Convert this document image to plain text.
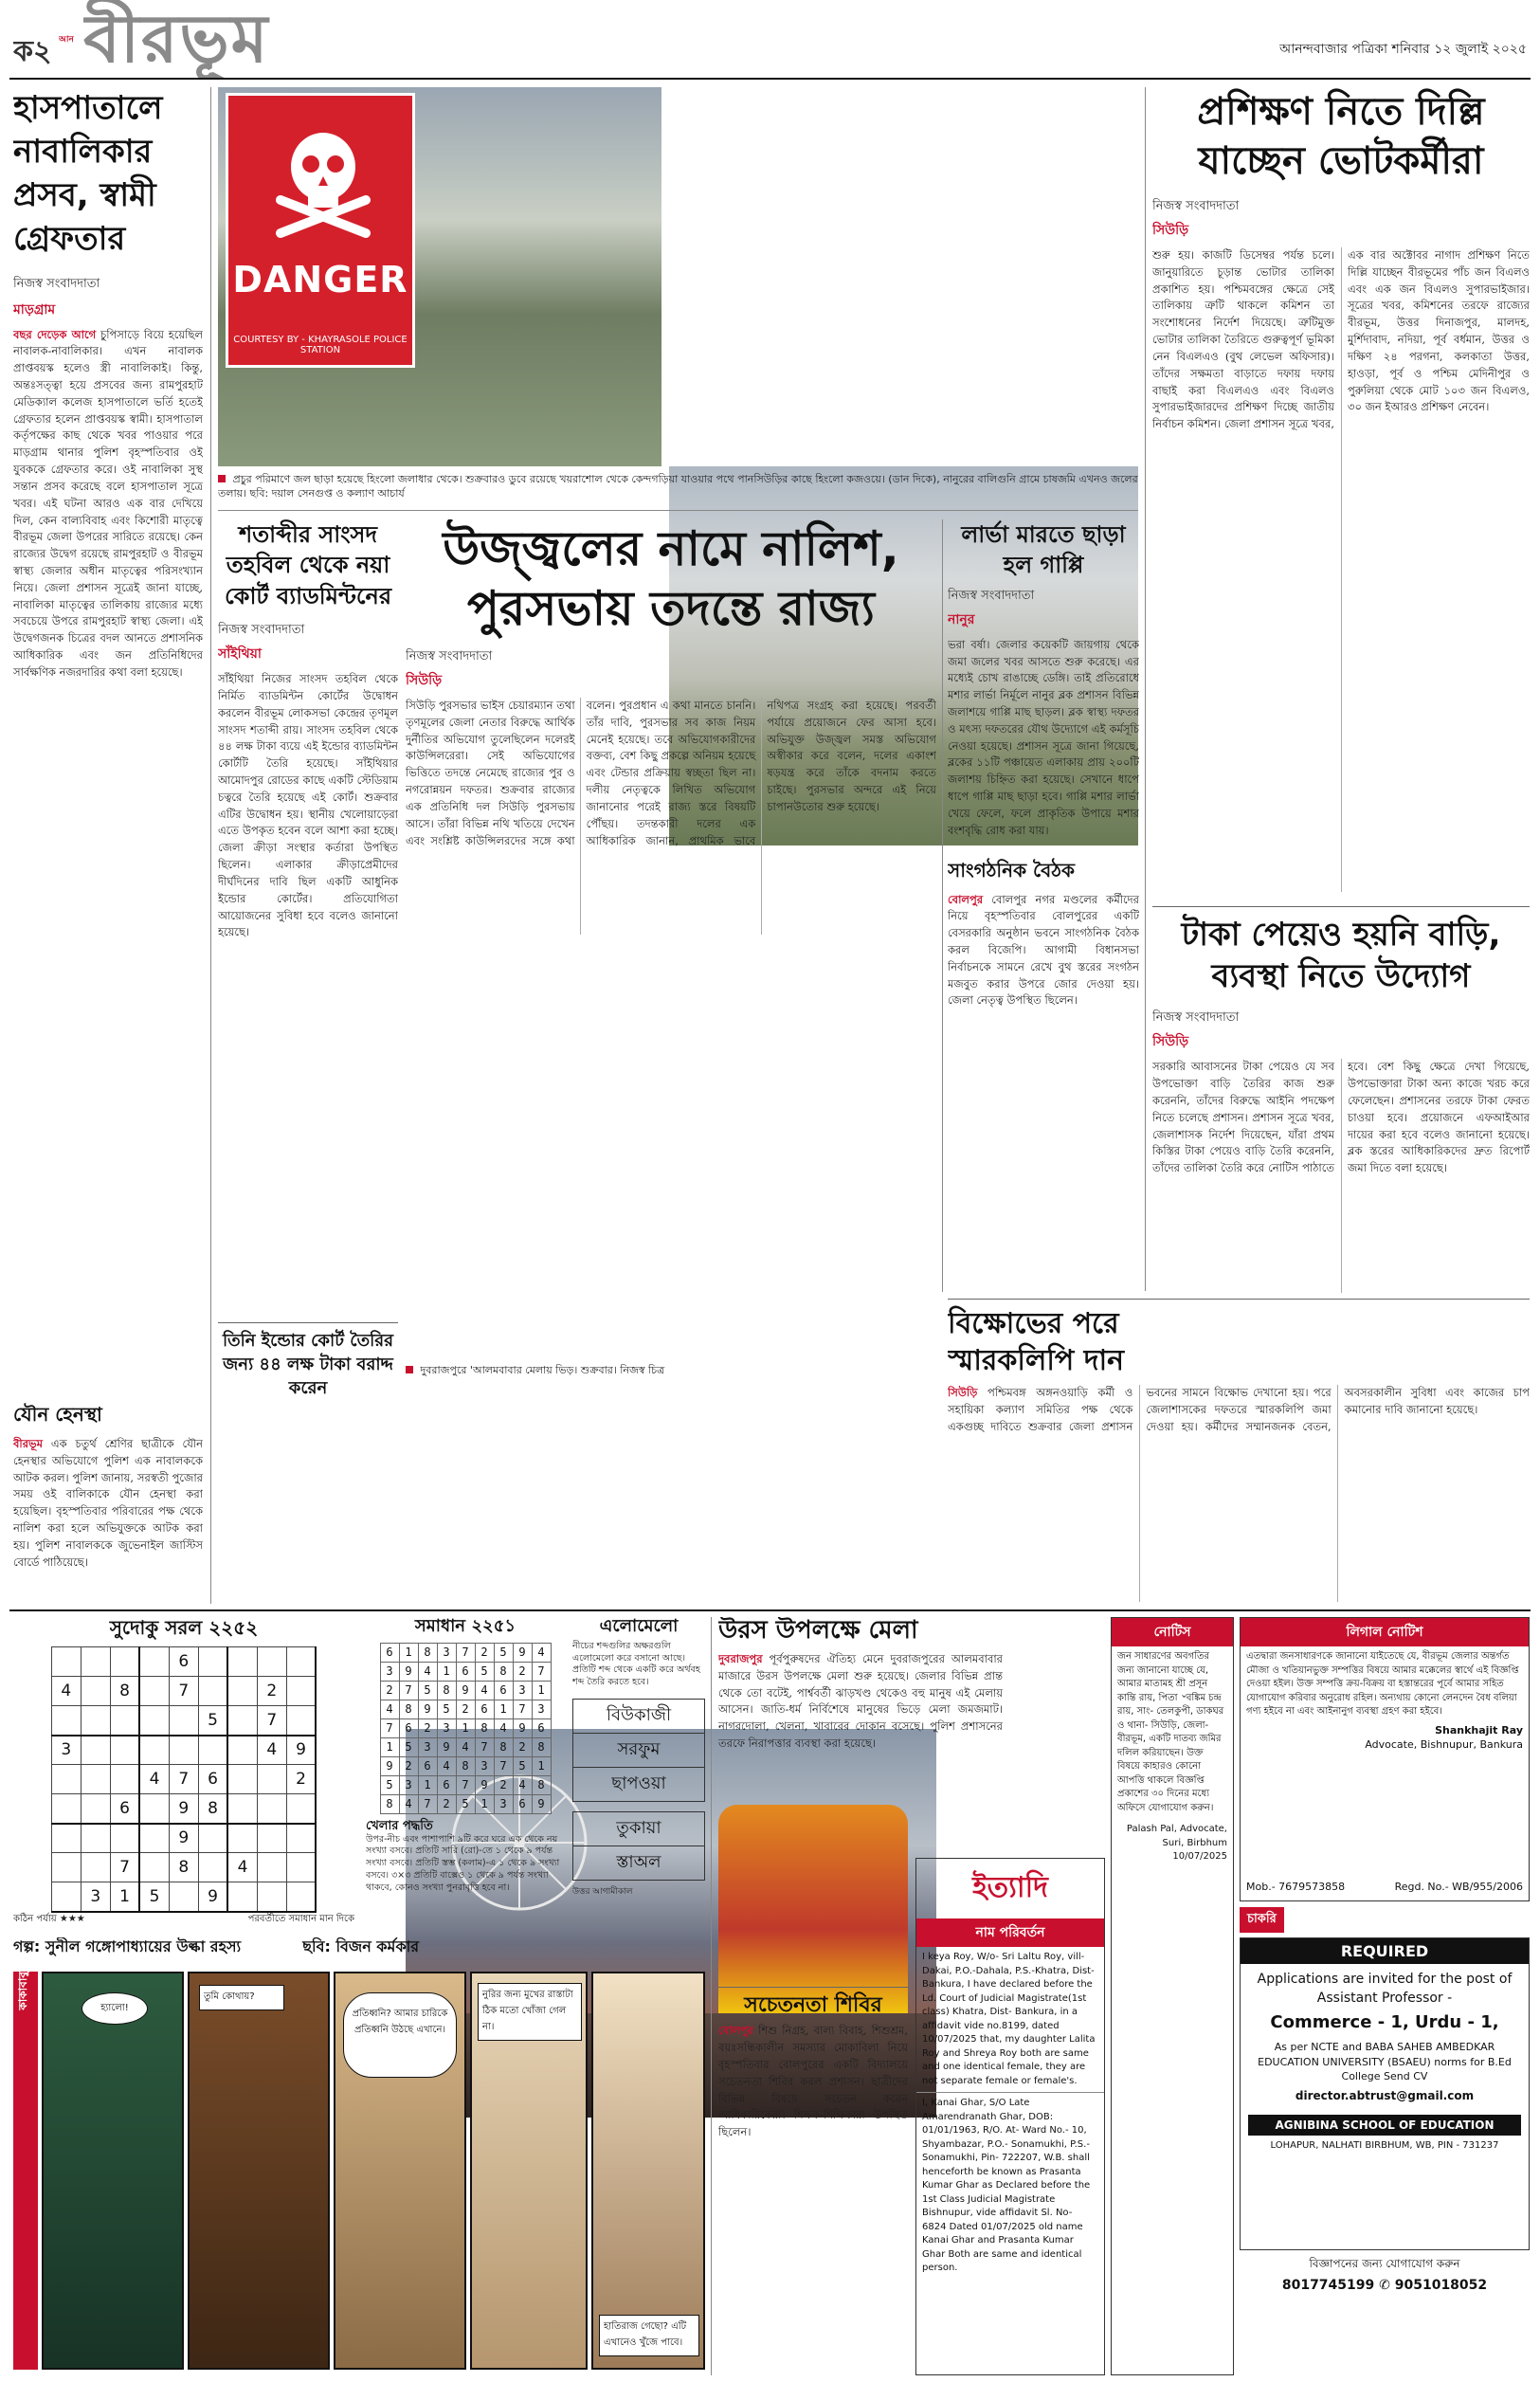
ক২ আন বীরভূম	আনন্দবাজার পত্রিকা শনিবার ১২ জুলাই ২০২৫
হাসপাতালে নাবালিকার প্রসব, স্বামী গ্রেফতার
নিজস্ব সংবাদদাতা
মাড়গ্রাম
বছর দেড়েক আগে চুপিসাড়ে বিয়ে হয়েছিল নাবালক-নাবালিকার। এখন নাবালক প্রাপ্তবয়স্ক হলেও স্ত্রী নাবালিকাই। কিন্তু, অন্তঃসত্ত্বা হয়ে প্রসবের জন্য রামপুরহাট মেডিক্যাল কলেজ হাসপাতালে ভর্তি হতেই গ্রেফতার হলেন প্রাপ্তবয়স্ক স্বামী। হাসপাতাল কর্তৃপক্ষের কাছ থেকে খবর পাওয়ার পরে মাড়গ্রাম থানার পুলিশ বৃহস্পতিবার ওই যুবককে গ্রেফতার করে। ওই নাবালিকা সুস্থ সন্তান প্রসব করেছে বলে হাসপাতাল সূত্রে খবর। এই ঘটনা আরও এক বার দেখিয়ে দিল, কেন বাল্যবিবাহ এবং কিশোরী মাতৃত্বে বীরভূম জেলা উপরের সারিতে রয়েছে। কেন রাজ্যের উদ্বেগ রয়েছে রামপুরহাট ও বীরভূম স্বাস্থ্য জেলার অধীন মাতৃত্বের পরিসংখ্যান নিয়ে। জেলা প্রশাসন সূত্রেই জানা যাচ্ছে, নাবালিকা মাতৃত্বের তালিকায় রাজ্যের মধ্যে সবচেয়ে উপরে রামপুরহাট স্বাস্থ্য জেলা। এই উদ্বেগজনক চিত্রের বদল আনতে প্রশাসনিক আধিকারিক এবং জন প্রতিনিধিদের সার্বক্ষণিক নজরদারির কথা বলা হয়েছে।
যৌন হেনস্থা
বীরভূম এক চতুর্থ শ্রেণির ছাত্রীকে যৌন হেনস্থার অভিযোগে পুলিশ এক নাবালককে আটক করল। পুলিশ জানায়, সরস্বতী পুজোর সময় ওই বালিকাকে যৌন হেনস্থা করা হয়েছিল। বৃহস্পতিবার পরিবারের পক্ষ থেকে নালিশ করা হলে অভিযুক্তকে আটক করা হয়। পুলিশ নাবালককে জুভেনাইল জাস্টিস বোর্ডে পাঠিয়েছে।
DANGER
COURTESY BY - KHAYRASOLE POLICE STATION
প্রচুর পরিমাণে জল ছাড়া হয়েছে হিংলো জলাধার থেকে। শুক্রবারও ডুবে রয়েছে খয়রাশোল থেকে কেন্দগড়িয়া যাওয়ার পথে পানসিউড়ির কাছে হিংলো কজওয়ে। (ডান দিকে), নানুরের বালিগুনি গ্রামে চাষজমি এখনও জলের তলায়। ছবি: দয়াল সেনগুপ্ত ও কল্যাণ আচার্য
প্রশিক্ষণ নিতে দিল্লি যাচ্ছেন ভোটকর্মীরা
নিজস্ব সংবাদদাতা
সিউড়ি
শুরু হয়। কাজটি ডিসেম্বর পর্যন্ত চলে। জানুয়ারিতে চূড়ান্ত ভোটার তালিকা প্রকাশিত হয়। পশ্চিমবঙ্গের ক্ষেত্রে সেই তালিকায় ত্রুটি থাকলে কমিশন তা সংশোধনের নির্দেশ দিয়েছে। ত্রুটিমুক্ত ভোটার তালিকা তৈরিতে গুরুত্বপূর্ণ ভূমিকা নেন বিএলএও (বুথ লেভেল অফিসার)। তাঁদের সক্ষমতা বাড়াতে দফায় দফায় বাছাই করা বিএলএও এবং বিএলও সুপারভাইজারদের প্রশিক্ষণ দিচ্ছে জাতীয় নির্বাচন কমিশন। জেলা প্রশাসন সূত্রে খবর, এক বার অক্টোবর নাগাদ প্রশিক্ষণ নিতে দিল্লি যাচ্ছেন বীরভূমের পাঁচ জন বিএলও এবং এক জন বিএলও সুপারভাইজার। সূত্রের খবর, কমিশনের তরফে রাজ্যের বীরভূম, উত্তর দিনাজপুর, মালদহ, মুর্শিদাবাদ, নদিয়া, পূর্ব বর্ধমান, উত্তর ও দক্ষিণ ২৪ পরগনা, কলকাতা উত্তর, হাওড়া, পূর্ব ও পশ্চিম মেদিনীপুর ও পুরুলিয়া থেকে মোট ১০৩ জন বিএলও, ৩০ জন ইআরও প্রশিক্ষণ নেবেন।
টাকা পেয়েও হয়নি বাড়ি, ব্যবস্থা নিতে উদ্যোগ
নিজস্ব সংবাদদাতা
সিউড়ি
সরকারি আবাসনের টাকা পেয়েও যে সব উপভোক্তা বাড়ি তৈরির কাজ শুরু করেননি, তাঁদের বিরুদ্ধে আইনি পদক্ষেপ নিতে চলেছে প্রশাসন। প্রশাসন সূত্রে খবর, জেলাশাসক নির্দেশ দিয়েছেন, যাঁরা প্রথম কিস্তির টাকা পেয়েও বাড়ি তৈরি করেননি, তাঁদের তালিকা তৈরি করে নোটিস পাঠাতে হবে। বেশ কিছু ক্ষেত্রে দেখা গিয়েছে, উপভোক্তারা টাকা অন্য কাজে খরচ করে ফেলেছেন। প্রশাসনের তরফে টাকা ফেরত চাওয়া হবে। প্রয়োজনে এফআইআর দায়ের করা হবে বলেও জানানো হয়েছে। ব্লক স্তরের আধিকারিকদের দ্রুত রিপোর্ট জমা দিতে বলা হয়েছে।
শতাব্দীর সাংসদ তহবিল থেকে নয়া কোর্ট ব্যাডমিন্টনের
নিজস্ব সংবাদদাতা
সাঁইথিয়া
সাঁইথিয়া নিজের সাংসদ তহবিল থেকে নির্মিত ব্যাডমিন্টন কোর্টের উদ্বোধন করলেন বীরভূম লোকসভা কেন্দ্রের তৃণমূল সাংসদ শতাব্দী রায়। সাংসদ তহবিল থেকে ৪৪ লক্ষ টাকা ব্যয়ে এই ইন্ডোর ব্যাডমিন্টন কোর্টটি তৈরি হয়েছে। সাঁইথিয়ার আমোদপুর রোডের কাছে একটি স্টেডিয়াম চত্বরে তৈরি হয়েছে এই কোর্ট। শুক্রবার এটির উদ্বোধন হয়। স্থানীয় খেলোয়াড়েরা এতে উপকৃত হবেন বলে আশা করা হচ্ছে। জেলা ক্রীড়া সংস্থার কর্তারা উপস্থিত ছিলেন। এলাকার ক্রীড়াপ্রেমীদের দীর্ঘদিনের দাবি ছিল একটি আধুনিক ইন্ডোর কোর্টের। প্রতিযোগিতা আয়োজনের সুবিধা হবে বলেও জানানো হয়েছে।
তিনি ইন্ডোর কোর্ট তৈরির জন্য ৪৪ লক্ষ টাকা বরাদ্দ করেন
উজ্জ্বলের নামে নালিশ, পুরসভায় তদন্তে রাজ্য
নিজস্ব সংবাদদাতা
সিউড়ি
সিউড়ি পুরসভার ভাইস চেয়ারম্যান তথা তৃণমূলের জেলা নেতার বিরুদ্ধে আর্থিক দুর্নীতির অভিযোগ তুলেছিলেন দলেরই কাউন্সিলরেরা। সেই অভিযোগের ভিত্তিতে তদন্তে নেমেছে রাজ্যের পুর ও নগরোন্নয়ন দফতর। শুক্রবার রাজ্যের এক প্রতিনিধি দল সিউড়ি পুরসভায় আসে। তাঁরা বিভিন্ন নথি খতিয়ে দেখেন এবং সংশ্লিষ্ট কাউন্সিলরদের সঙ্গে কথা বলেন। পুরপ্রধান এ কথা মানতে চাননি। তাঁর দাবি, পুরসভার সব কাজ নিয়ম মেনেই হয়েছে। তবে অভিযোগকারীদের বক্তব্য, বেশ কিছু প্রকল্পে অনিয়ম হয়েছে এবং টেন্ডার প্রক্রিয়ায় স্বচ্ছতা ছিল না। দলীয় নেতৃত্বকে লিখিত অভিযোগ জানানোর পরেই রাজ্য স্তরে বিষয়টি পৌঁছয়। তদন্তকারী দলের এক আধিকারিক জানান, প্রাথমিক ভাবে নথিপত্র সংগ্রহ করা হয়েছে। পরবর্তী পর্যায়ে প্রয়োজনে ফের আসা হবে। অভিযুক্ত উজ্জ্বল সমস্ত অভিযোগ অস্বীকার করে বলেন, দলের একাংশ ষড়যন্ত্র করে তাঁকে বদনাম করতে চাইছে। পুরসভার অন্দরে এই নিয়ে চাপানউতোর শুরু হয়েছে।
লার্ভা মারতে ছাড়া হল গাপ্পি
নিজস্ব সংবাদদাতা
নানুর
ভরা বর্ষা। জেলার কয়েকটি জায়গায় থেকে জমা জলের খবর আসতে শুরু করেছে। এর মধ্যেই চোখ রাঙাচ্ছে ডেঙ্গি। তাই প্রতিরোধে মশার লার্ভা নির্মূলে নানুর ব্লক প্রশাসন বিভিন্ন জলাশয়ে গাপ্পি মাছ ছাড়ল। ব্লক স্বাস্থ্য দফতর ও মৎস্য দফতরের যৌথ উদ্যোগে এই কর্মসূচি নেওয়া হয়েছে। প্রশাসন সূত্রে জানা গিয়েছে, ব্লকের ১১টি পঞ্চায়েত এলাকায় প্রায় ২০০টি জলাশয় চিহ্নিত করা হয়েছে। সেখানে ধাপে ধাপে গাপ্পি মাছ ছাড়া হবে। গাপ্পি মশার লার্ভা খেয়ে ফেলে, ফলে প্রাকৃতিক উপায়ে মশার বংশবৃদ্ধি রোধ করা যায়।
সাংগঠনিক বৈঠক
বোলপুর বোলপুর নগর মণ্ডলের কর্মীদের নিয়ে বৃহস্পতিবার বোলপুরের একটি বেসরকারি অনুষ্ঠান ভবনে সাংগঠনিক বৈঠক করল বিজেপি। আগামী বিধানসভা নির্বাচনকে সামনে রেখে বুথ স্তরের সংগঠন মজবুত করার উপরে জোর দেওয়া হয়। জেলা নেতৃত্ব উপস্থিত ছিলেন।
দুবরাজপুরে 'আলমবাবার মেলায় ভিড়। শুক্রবার। নিজস্ব চিত্র
বিক্ষোভের পরে স্মারকলিপি দান
সিউড়ি পশ্চিমবঙ্গ অঙ্গনওয়াড়ি কর্মী ও সহায়িকা কল্যাণ সমিতির পক্ষ থেকে একগুচ্ছ দাবিতে শুক্রবার জেলা প্রশাসন ভবনের সামনে বিক্ষোভ দেখানো হয়। পরে জেলাশাসকের দফতরে স্মারকলিপি জমা দেওয়া হয়। কর্মীদের সম্মানজনক বেতন, অবসরকালীন সুবিধা এবং কাজের চাপ কমানোর দাবি জানানো হয়েছে।
সুদোকু সরল ২২৫২
				6				
4		8		7			2	
					5		7	
3							4	9
			4	7	6			2
		6		9	8			
				9				
		7		8		4		
	3	1	5		9			
কঠিন পর্যায় ★★★	পরবর্তীতে সমাধান মান দিকে
সমাধান ২২৫১
6	1	8	3	7	2	5	9	4
3	9	4	1	6	5	8	2	7
2	7	5	8	9	4	6	3	1
4	8	9	5	2	6	1	7	3
7	6	2	3	1	8	4	9	6
1	5	3	9	4	7	8	2	8
9	2	6	4	8	3	7	5	1
5	3	1	6	7	9	2	4	8
8	4	7	2	5	1	3	6	9
খেলার পদ্ধতি
উপর-নীচ এবং পাশাপাশি ৯টি করে ঘরে এক থেকে নয় সংখ্যা বসবে। প্রতিটি সারি (রো)-তে ১ থেকে ৯ পর্যন্ত সংখ্যা বসবে। প্রতিটি স্তম্ভ (কলাম)-এ ১ থেকে ৯ সংখ্যা বসবে। ৩×৩ প্রতিটি বাক্সেও ১ থেকে ৯ পর্যন্ত সংখ্যা থাকবে, কোনও সংখ্যা পুনরাবৃত্তি হবে না।
এলোমেলো
নীচের শব্দগুলির অক্ষরগুলি এলোমেলো করে বসানো আছে। প্রতিটি শব্দ থেকে একটি করে অর্থবহ শব্দ তৈরি করতে হবে।
বিউকাজী
সরফুম
ছাপওয়া
তুকায়া
স্তাঅল
উত্তর আগামীকাল
উরস উপলক্ষে মেলা
দুবরাজপুর পূর্বপুরুষদের ঐতিহ্য মেনে দুবরাজপুরের আলমবাবার মাজারে উরস উপলক্ষে মেলা শুরু হয়েছে। জেলার বিভিন্ন প্রান্ত থেকে তো বটেই, পার্শ্ববর্তী ঝাড়খণ্ড থেকেও বহু মানুষ এই মেলায় আসেন। জাতি-ধর্ম নির্বিশেষে মানুষের ভিড়ে মেলা জমজমাট। নাগরদোলা, খেলনা, খাবারের দোকান বসেছে। পুলিশ প্রশাসনের তরফে নিরাপত্তার ব্যবস্থা করা হয়েছে।
সচেতনতা শিবির
বোলপুর শিশু নিগ্রহ, বাল্য বিবাহ, শিশুশ্রম, বয়ঃসন্ধিকালীন সমস্যার মোকাবিলা নিয়ে বৃহস্পতিবার বোলপুরের একটি বিদ্যালয়ে সচেতনতা শিবির করল প্রশাসন। ছাত্রীদের বিভিন্ন বিষয়ে সচেতন করেন আধিকারিকেরা। শিক্ষক-শিক্ষিকারা উপস্থিত ছিলেন।
ইত্যাদি
নাম পরিবর্তন
I keya Roy, W/o- Sri Laltu Roy, vill-Dakai, P.O.-Dahala, P.S.-Khatra, Dist- Bankura, I have declared before the Ld. Court of Judicial Magistrate(1st class) Khatra, Dist- Bankura, in a affidavit vide no.8199, dated 10/07/2025 that, my daughter Lalita Roy and Shreya Roy both are same and one identical female, they are not separate female or female's.
I, Kanai Ghar, S/O Late Amarendranath Ghar, DOB: 01/01/1963, R/O. At- Ward No.- 10, Shyambazar, P.O.- Sonamukhi, P.S.- Sonamukhi, Pin- 722207, W.B. shall henceforth be known as Prasanta Kumar Ghar as Declared before the 1st Class Judicial Magistrate Bishnupur, vide affidavit Sl. No- 6824 Dated 01/07/2025 old name Kanai Ghar and Prasanta Kumar Ghar Both are same and identical person.
নোটিস
জন সাধারণের অবগতির জন্য জানানো যাচ্ছে যে, আমার মাতামহ শ্রী প্রসূন কান্তি রায়, পিতা ৺বঙ্কিম চন্দ্র রায়, সাং- তেলকুপী, ডাকঘর ও থানা- সিউড়ি, জেলা- বীরভূম, একটি দাতব্য জমির দলিল করিয়াছেন। উক্ত বিষয়ে কাহারও কোনো আপত্তি থাকলে বিজ্ঞপ্তি প্রকাশের ৩০ দিনের মধ্যে অফিসে যোগাযোগ করুন।
Palash Pal, Advocate, Suri, Birbhum 10/07/2025
লিগাল নোটিশ
এতদ্বারা জনসাধারণকে জানানো যাইতেছে যে, বীরভূম জেলার অন্তর্গত মৌজা ও খতিয়ানভুক্ত সম্পত্তির বিষয়ে আমার মক্কেলের স্বার্থে এই বিজ্ঞপ্তি দেওয়া হইল। উক্ত সম্পত্তি ক্রয়-বিক্রয় বা হস্তান্তরের পূর্বে আমার সহিত যোগাযোগ করিবার অনুরোধ রহিল। অন্যথায় কোনো লেনদেন বৈধ বলিয়া গণ্য হইবে না এবং আইনানুগ ব্যবস্থা গ্রহণ করা হইবে।
Shankhajit Ray
Advocate, Bishnupur, Bankura
Mob.- 7679573858	Regd. No.- WB/955/2006
চাকরি
REQUIRED
Applications are invited for the post of Assistant Professor -
Commerce - 1, Urdu - 1,
As per NCTE and BABA SAHEB AMBEDKAR EDUCATION UNIVERSITY (BSAEU) norms for B.Ed College Send CV
director.abtrust@gmail.com
AGNIBINA SCHOOL OF EDUCATION
LOHAPUR, NALHATI BIRBHUM, WB, PIN - 731237
বিজ্ঞাপনের জন্য যোগাযোগ করুন
8017745199 ✆ 9051018052
গল্প: সুনীল গঙ্গোপাধ্যায়ের উল্কা রহস্য	ছবি: বিজন কর্মকার
কাকাবাবু	হ্যালো!
তুমি কোথায়?
প্রতিধ্বনি? আমার চারিকে প্রতিধ্বনি উঠছে এখানে।
নুরির জন্য মুখের রাস্তাটা ঠিক মতো খোঁজা গেল না।
হাতিরাজ গেছো? এটি এখানেও খুঁজে পাবে।
